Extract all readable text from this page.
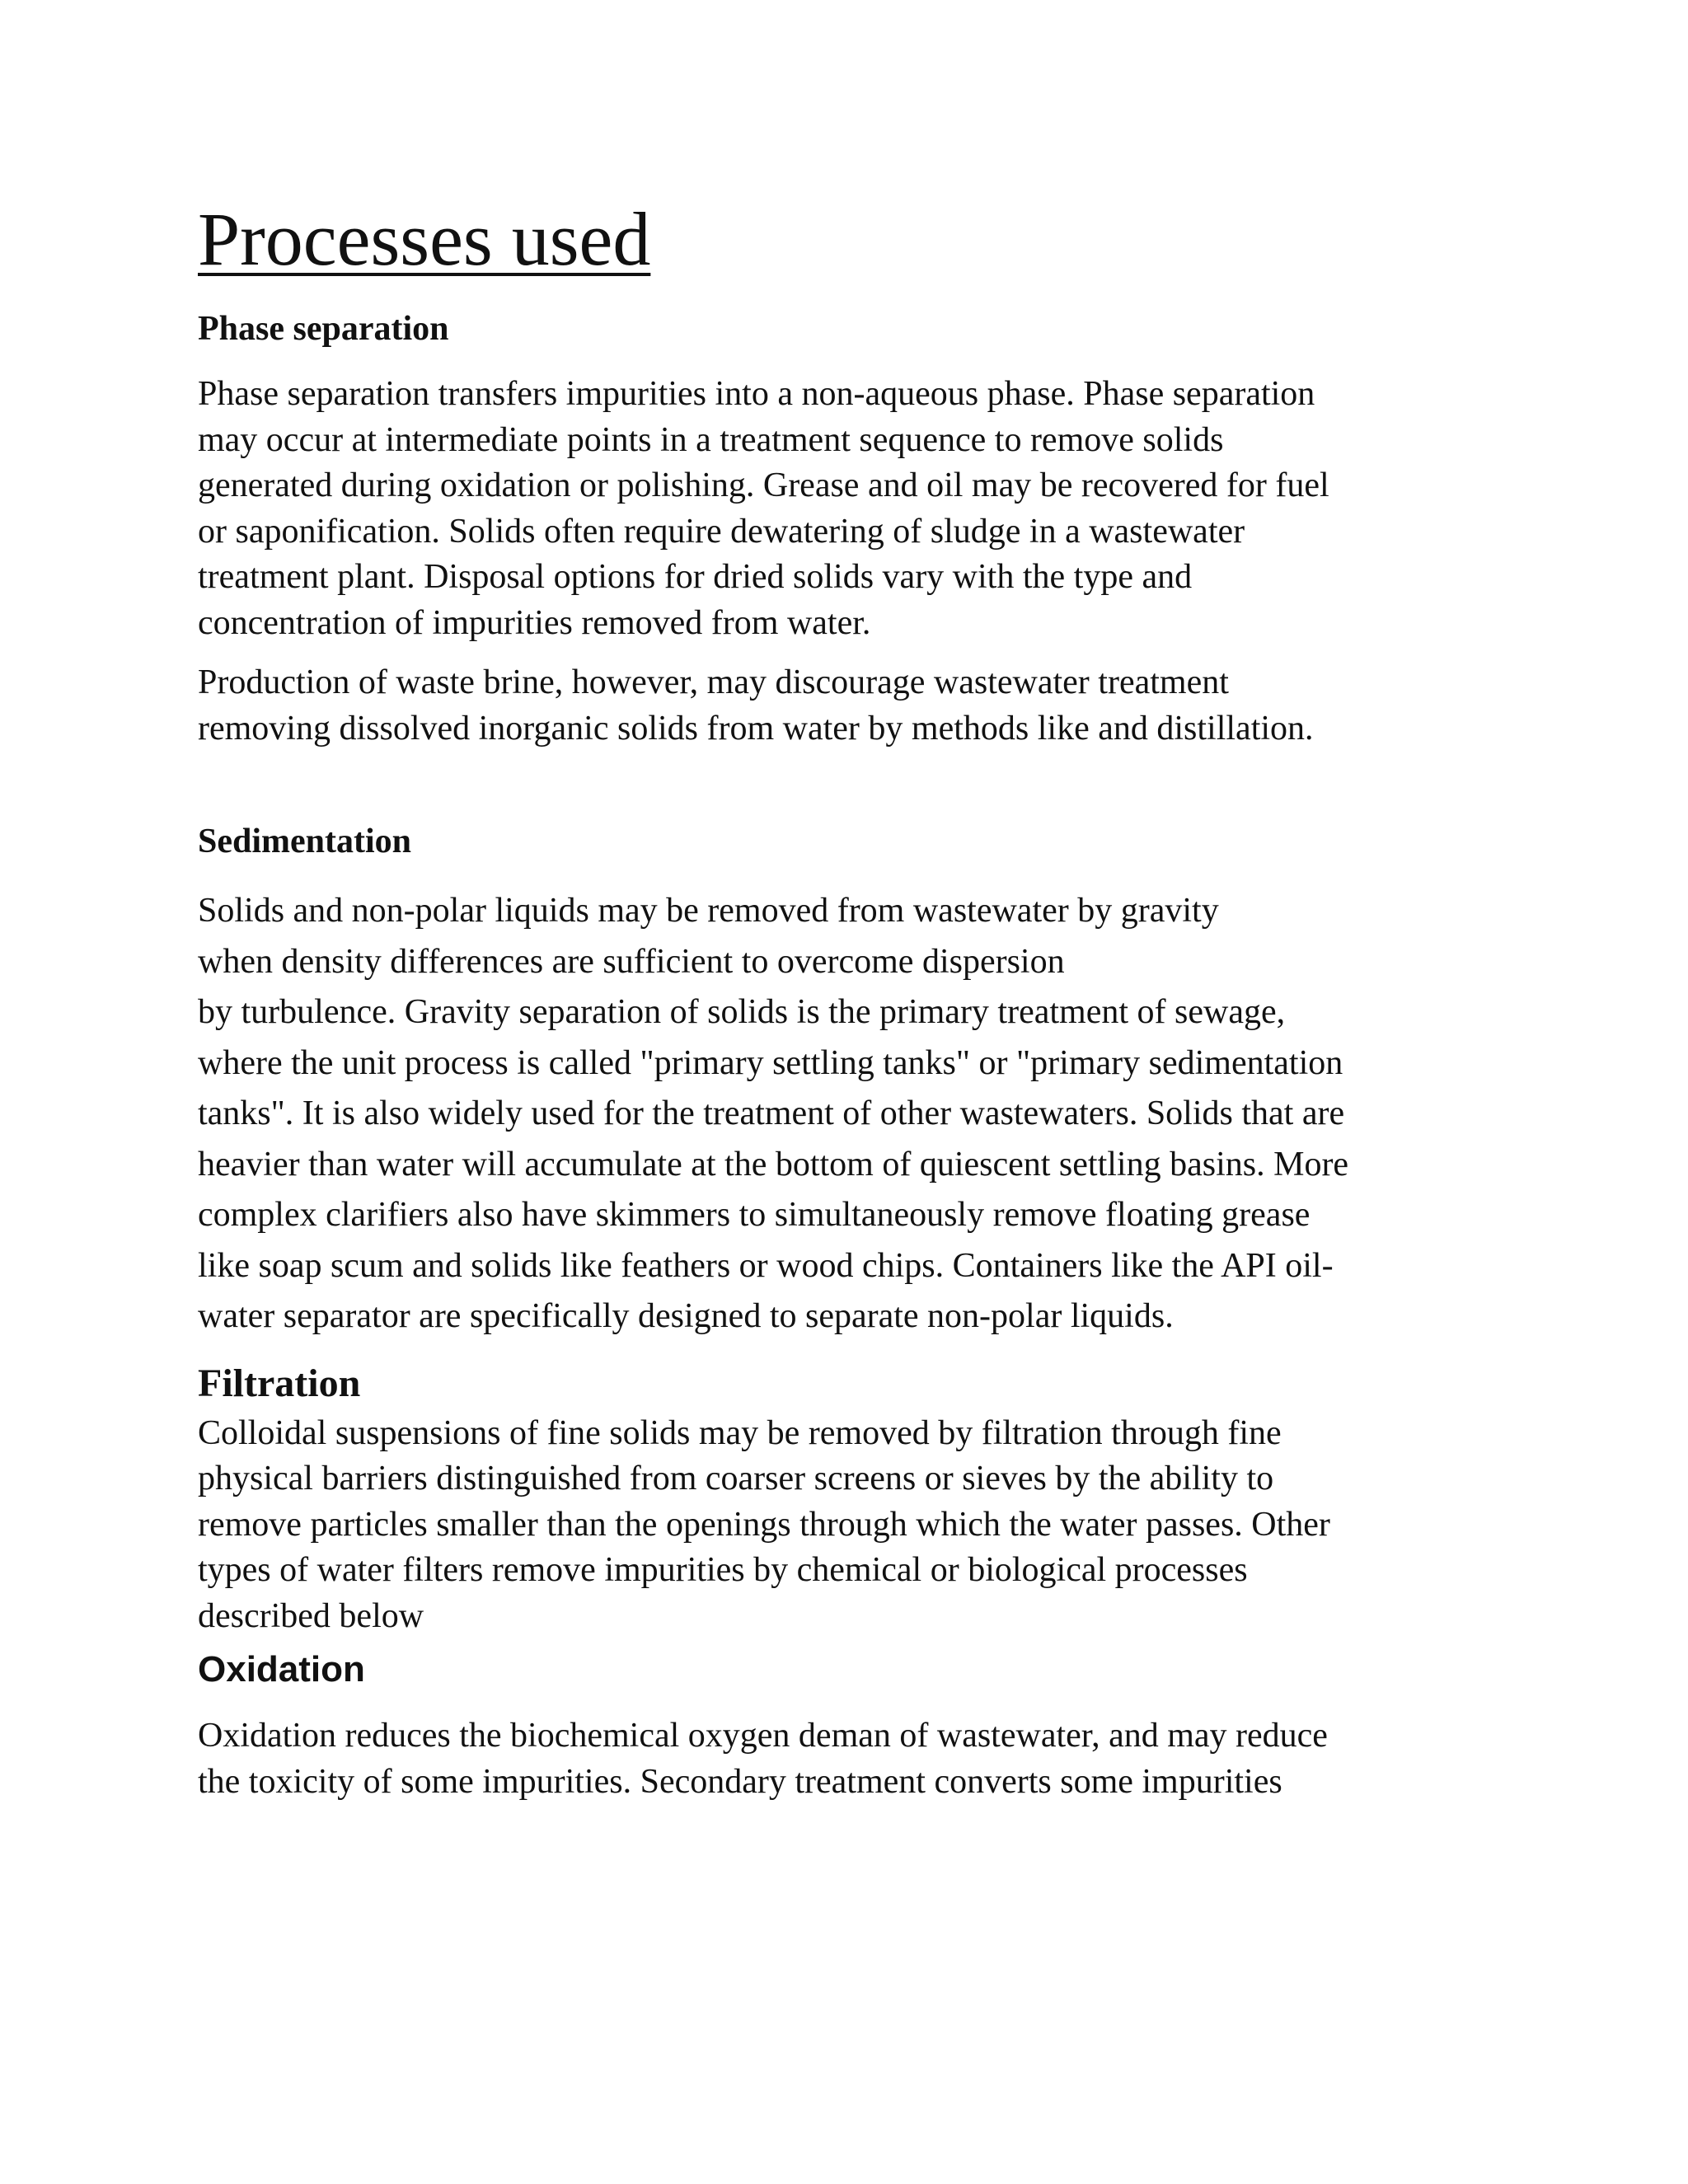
Processes used
Phase separation

Phase separation transfers impurities into a non-aqueous phase. Phase separation
may occur at intermediate points in a treatment sequence to remove solids
generated during oxidation or polishing. Grease and oil may be recovered for fuel
or saponification. Solids often require dewatering of sludge in a wastewater
treatment plant. Disposal options for dried solids vary with the type and
concentration of impurities removed from water.

Production of waste brine, however, may discourage wastewater treatment
removing dissolved inorganic solids from water by methods like and distillation.

Sedimentation

Solids and non-polar liquids may be removed from wastewater by gravity
when density differences are sufficient to overcome dispersion
by turbulence. Gravity separation of solids is the primary treatment of sewage,
where the unit process is called "primary settling tanks" or "primary sedimentation
tanks". It is also widely used for the treatment of other wastewaters. Solids that are
heavier than water will accumulate at the bottom of quiescent settling basins. More
complex clarifiers also have skimmers to simultaneously remove floating grease
like soap scum and solids like feathers or wood chips. Containers like the API oil-
water separator are specifically designed to separate non-polar liquids.

Filtration

Colloidal suspensions of fine solids may be removed by filtration through fine
physical barriers distinguished from coarser screens or sieves by the ability to
remove particles smaller than the openings through which the water passes. Other
types of water filters remove impurities by chemical or biological processes
described below

Oxidation

Oxidation reduces the biochemical oxygen deman of wastewater, and may reduce
the toxicity of some impurities. Secondary treatment converts some impurities
